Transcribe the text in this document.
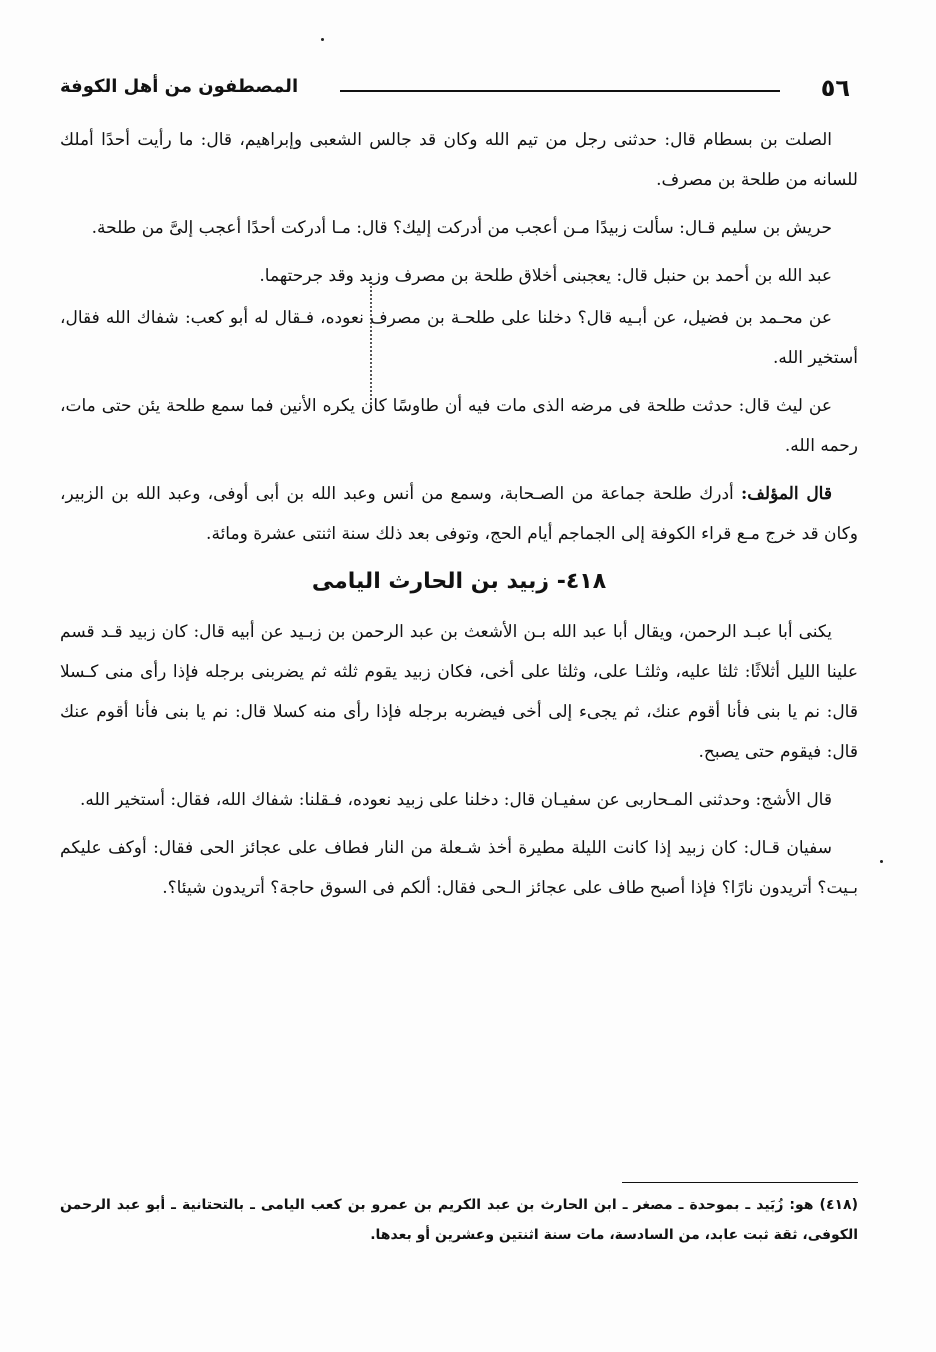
٥٦
المصطفون من أهل الكوفة

الصلت بن بسطام قال: حدثنى رجل من تيم الله وكان قد جالس الشعبى وإبراهيم، قال: ما رأيت أحدًا أملك للسانه من طلحة بن مصرف.

حريش بن سليم قـال: سألت زبيدًا مـن أعجب من أدركت إليك؟ قال: مـا أدركت أحدًا أعجب إلىَّ من طلحة.

عبد الله بن أحمد بن حنبل قال: يعجبنى أخلاق طلحة بن مصرف وزيد وقد جرحتهما.

عن محـمد بن فضيل، عن أبـيه قال؟ دخلنا على طلحـة بن مصرف نعوده، فـقال له أبو كعب: شفاك الله فقال، أستخير الله.

عن ليث قال: حدثت طلحة فى مرضه الذى مات فيه أن طاوسًا كان يكره الأنين فما سمع طلحة يئن حتى مات، رحمه الله.

قال المؤلف: أدرك طلحة جماعة من الصـحابة، وسمع من أنس وعبد الله بن أبى أوفى، وعبد الله بن الزبير، وكان قد خرج مـع قراء الكوفة إلى الجماجم أيام الحج، وتوفى بعد ذلك سنة اثنتى عشرة ومائة.

٤١٨- زبيد بن الحارث اليامى

يكنى أبا عبـد الرحمن، ويقال أبا عبد الله بـن الأشعث بن عبد الرحمن بن زبـيد عن أبيه قال: كان زبيد قـد قسم علينا الليل أثلاثًا: ثلثا عليه، وثلثـا على، وثلثا على أخى، فكان زبيد يقوم ثلثه ثم يضربنى برجله فإذا رأى منى كـسلا قال: نم يا بنى فأنا أقوم عنك، ثم يجىء إلى أخى فيضربه برجله فإذا رأى منه كسلا قال: نم يا بنى فأنا أقوم عنك قال: فيقوم حتى يصبح.

قال الأشج: وحدثنى المـحاربى عن سفيـان قال: دخلنا على زبيد نعوده، فـقلنا: شفاك الله، فقال: أستخير الله.

سفيان قـال: كان زبيد إذا كانت الليلة مطيرة أخذ شـعلة من النار فطاف على عجائز الحى فقال: أوكف عليكم بـيت؟ أتريدون نارًا؟ فإذا أصبح طاف على عجائز الـحى فقال: ألكم فى السوق حاجة؟ أتريدون شيئا؟.

(٤١٨) هو: زُبَيد ـ بموحدة ـ مصغر ـ ابن الحارث بن عبد الكريم بن عمرو بن كعب اليامى ـ بالتحتانية ـ أبو عبد الرحمن الكوفى، ثقة ثبت عابد، من السادسة، مات سنة اثنتين وعشرين أو بعدها.
